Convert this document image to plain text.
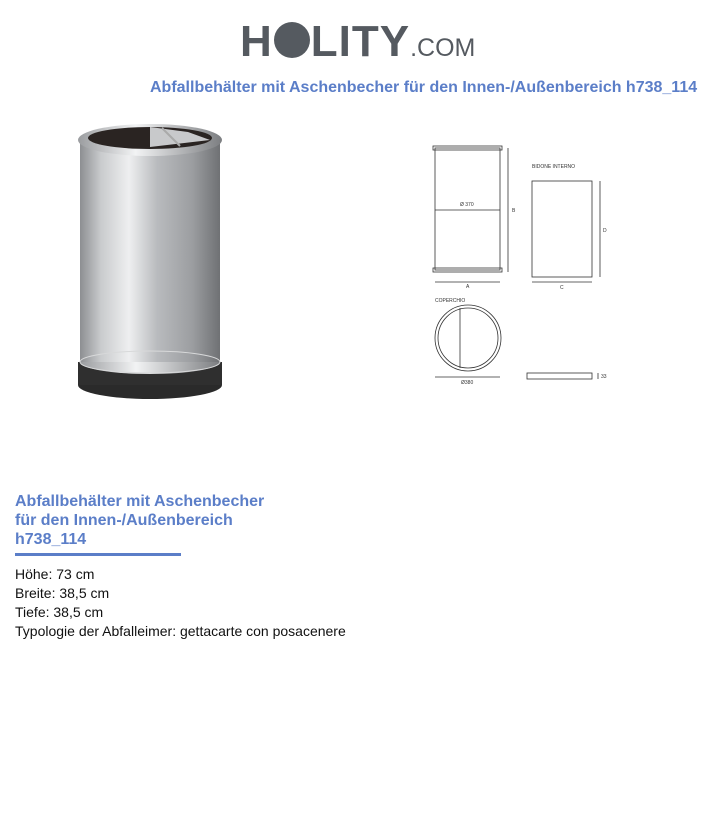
H LITY.COM
Abfallbehälter mit Aschenbecher für den Innen-/Außenbereich h738_114
BIDONE INTERNO
COPERCHIO
Ø 370
A
B
C
D
Ø380
33
Abfallbehälter mit Aschenbecher
für den Innen-/Außenbereich
h738_114
Höhe: 73 cm
Breite: 38,5 cm
Tiefe: 38,5 cm
Typologie der Abfalleimer: gettacarte con posacenere
